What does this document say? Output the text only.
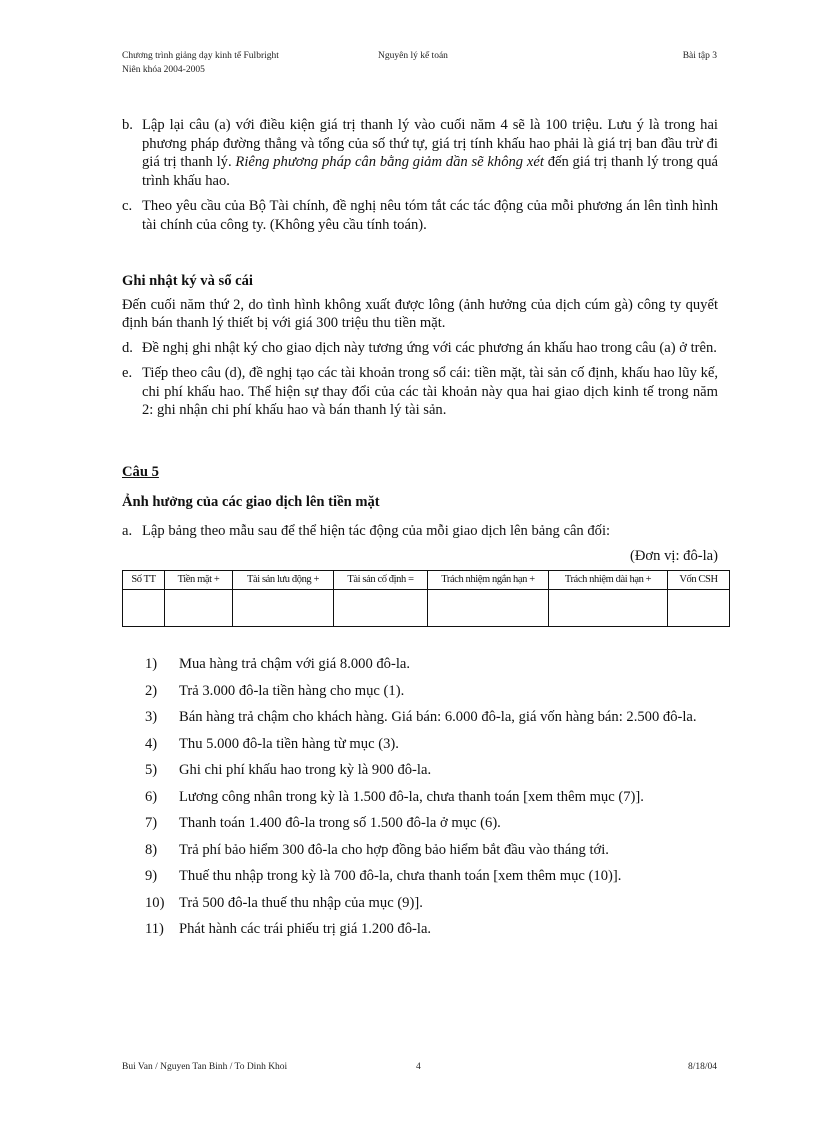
Chương trình giảng dạy kinh tế Fulbright
Niên khóa 2004-2005
Nguyên lý kế toán	Bài tập 3
b. Lập lại câu (a) với điều kiện giá trị thanh lý vào cuối năm 4 sẽ là 100 triệu. Lưu ý là trong hai phương pháp đường thẳng và tổng của số thứ tự, giá trị tính khấu hao phải là giá trị ban đầu trừ đi giá trị thanh lý. Riêng phương pháp cân bằng giảm dần sẽ không xét đến giá trị thanh lý trong quá trình khấu hao.
c. Theo yêu cầu của Bộ Tài chính, đề nghị nêu tóm tắt các tác động của mỗi phương án lên tình hình tài chính của công ty. (Không yêu cầu tính toán).
Ghi nhật ký và sổ cái

Đến cuối năm thứ 2, do tình hình không xuất được lông (ảnh hưởng của dịch cúm gà) công ty quyết định bán thanh lý thiết bị với giá 300 triệu thu tiền mặt.

d. Đề nghị ghi nhật ký cho giao dịch này tương ứng với các phương án khấu hao trong câu (a) ở trên.
e. Tiếp theo câu (d), đề nghị tạo các tài khoản trong sổ cái: tiền mặt, tài sản cố định, khấu hao lũy kế, chi phí khấu hao. Thể hiện sự thay đổi của các tài khoản này qua hai giao dịch kinh tế trong năm 2: ghi nhận chi phí khấu hao và bán thanh lý tài sản.
Câu 5
Ảnh hưởng của các giao dịch lên tiền mặt
a. Lập bảng theo mẫu sau để thể hiện tác động của mỗi giao dịch lên bảng cân đối:
(Đơn vị: đô-la)
Số TT	Tiền mặt +	Tài sản lưu động +	Tài sản cố định =	Trách nhiệm ngắn hạn +	Trách nhiệm dài hạn +	Vốn CSH

1)	Mua hàng trả chậm với giá 8.000 đô-la.
2)	Trả 3.000 đô-la tiền hàng cho mục (1).
3)	Bán hàng trả chậm cho khách hàng. Giá bán: 6.000 đô-la, giá vốn hàng bán: 2.500 đô-la.
4)	Thu 5.000 đô-la tiền hàng từ mục (3).
5)	Ghi chi phí khấu hao trong kỳ là 900 đô-la.
6)	Lương công nhân trong kỳ là 1.500 đô-la, chưa thanh toán [xem thêm mục (7)].
7)	Thanh toán 1.400 đô-la trong số 1.500 đô-la ở mục (6).
8)	Trả phí bảo hiểm 300 đô-la cho hợp đồng bảo hiểm bắt đầu vào tháng tới.
9)	Thuế thu nhập trong kỳ là 700 đô-la, chưa thanh toán [xem thêm mục (10)].
10) Trả 500 đô-la thuế thu nhập của mục (9)].
11)	Phát hành các trái phiếu trị giá 1.200 đô-la.
Bui Van / Nguyen Tan Binh / To Dinh Khoi	4	8/18/04
